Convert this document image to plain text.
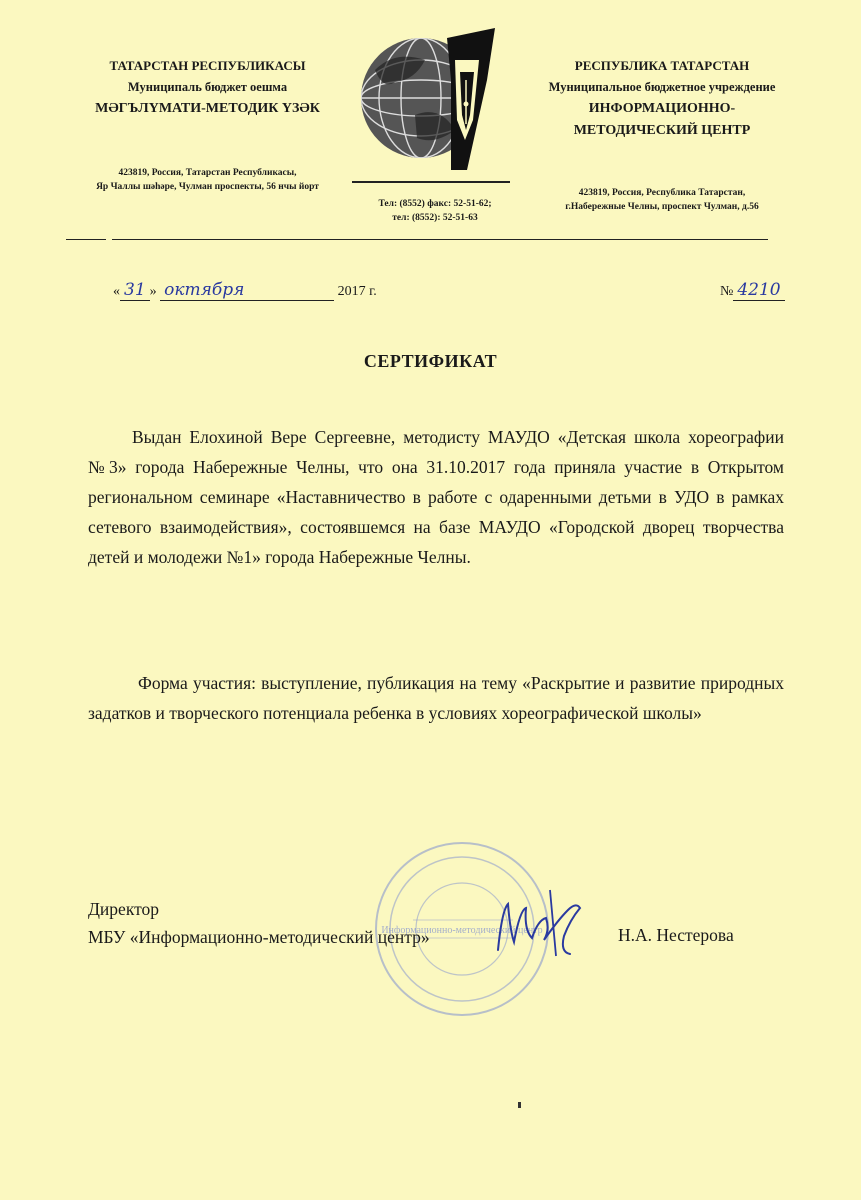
ТАТАРСТАН РЕСПУБЛИКАСЫ
Муниципаль бюджет оешма
МӘГЪЛҮМАТИ-МЕТОДИК ҮЗӘК
423819, Россия, Татарстан Республикасы,
Яр Чаллы шәһәре, Чулман проспекты, 56 нчы йорт
Тел: (8552) факс: 52-51-62;
тел: (8552): 52-51-63
РЕСПУБЛИКА ТАТАРСТАН
Муниципальное бюджетное учреждение
ИНФОРМАЦИОННО-
МЕТОДИЧЕСКИЙ ЦЕНТР
423819, Россия, Республика Татарстан,
г.Набережные Челны, проспект Чулман, д.56
« 31 » октября	2017 г.	№ 4210
СЕРТИФИКАТ
Выдан Елохиной Вере Сергеевне, методисту МАУДО «Детская школа хореографии №3» города Набережные Челны, что она 31.10.2017 года приняла участие в Открытом региональном семинаре «Наставничество в работе с одаренными детьми в УДО в рамках сетевого взаимодействия», состоявшемся на базе МАУДО «Городской дворец творчества детей и молодежи №1» города Набережные Челны.
Форма участия: выступление, публикация на тему «Раскрытие и развитие природных задатков и творческого потенциала ребенка в условиях хореографической школы»
Информационно-методический центр
Директор
МБУ «Информационно-методический центр»	Н.А. Нестерова
